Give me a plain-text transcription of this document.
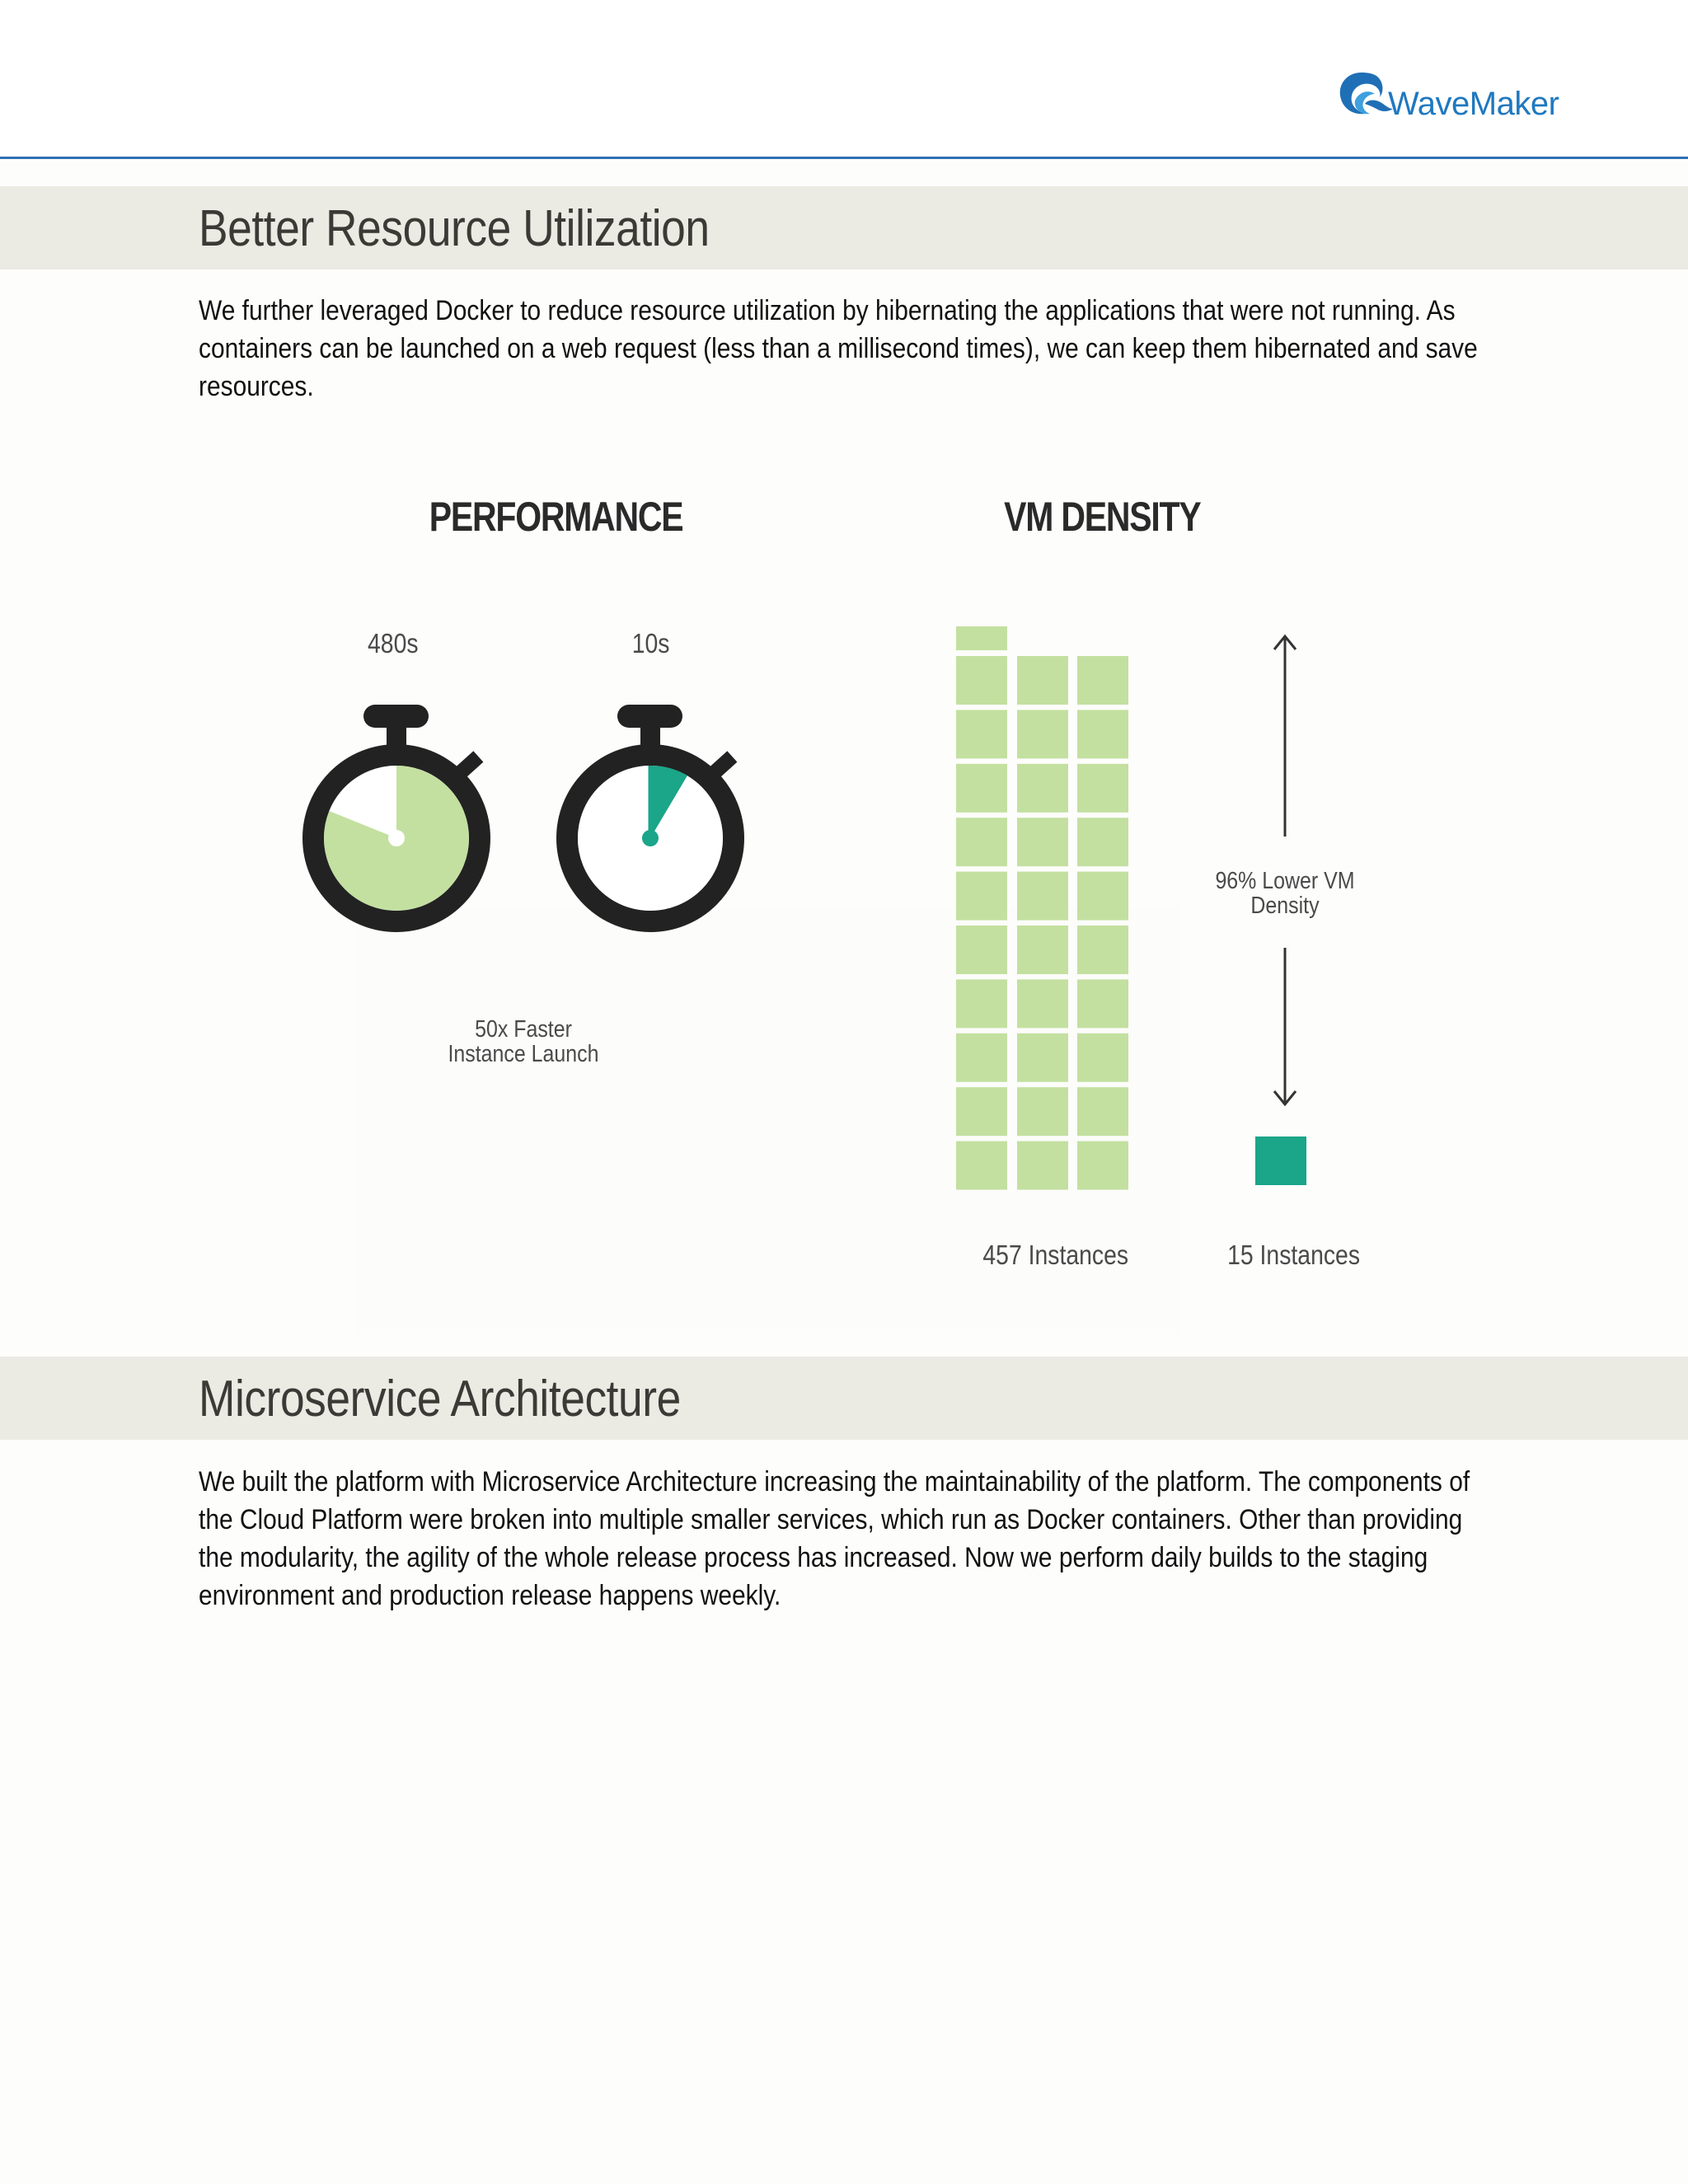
WaveMaker
Better Resource Utilization
We further leveraged Docker to reduce resource utilization by hibernating the applications that were not running. As
containers can be launched on a web request (less than a millisecond times), we can keep them hibernated and save
resources.
PERFORMANCE	VM DENSITY
480s	10s
50x Faster
Instance Launch
96% Lower VM
Density
457 Instances	15 Instances
Microservice Architecture
We built the platform with Microservice Architecture increasing the maintainability of the platform. The components of
the Cloud Platform were broken into multiple smaller services, which run as Docker containers. Other than providing
the modularity, the agility of the whole release process has increased. Now we perform daily builds to the staging
environment and production release happens weekly.
